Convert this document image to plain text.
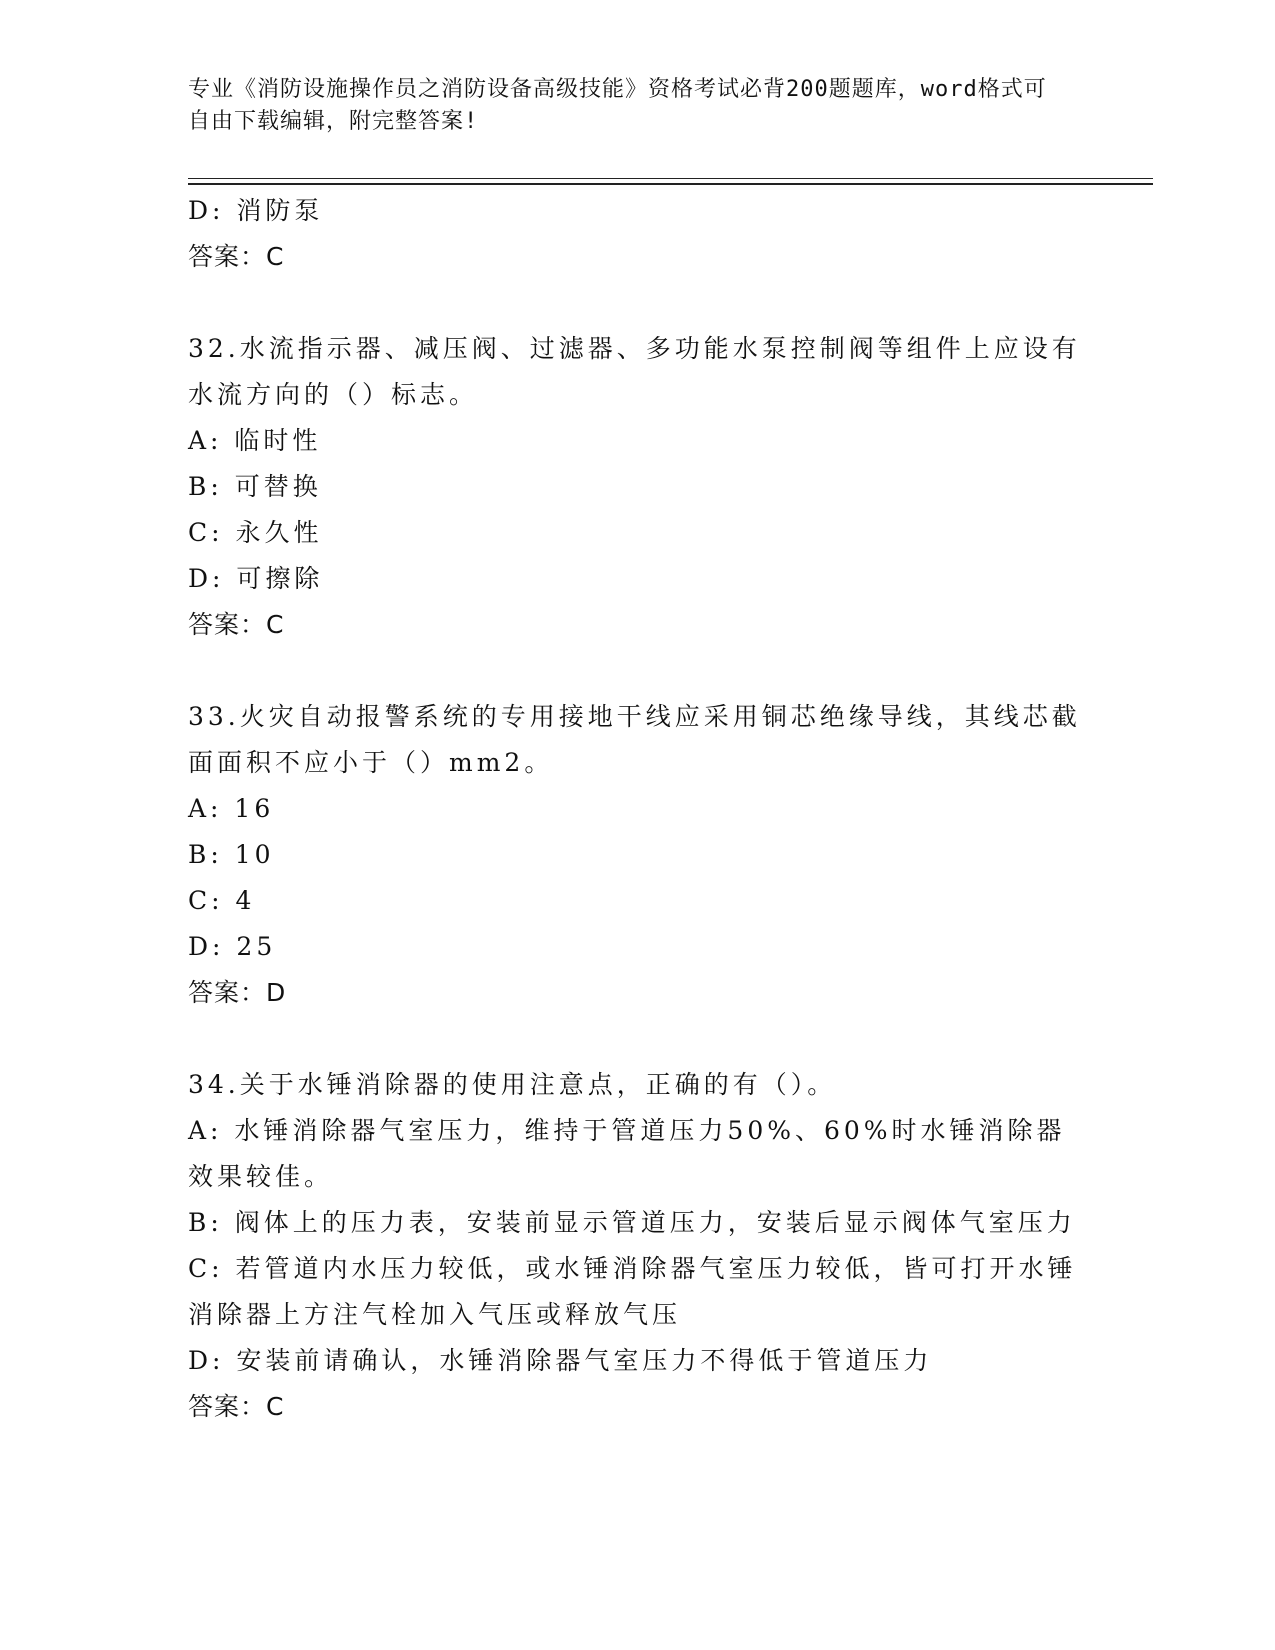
专业《消防设施操作员之消防设备高级技能》资格考试必背200题题库，word格式可自由下载编辑，附完整答案!
D: 消防泵
答案：C
32.水流指示器、减压阀、过滤器、多功能水泵控制阀等组件上应设有水流方向的（）标志。
A: 临时性
B: 可替换
C: 永久性
D: 可擦除
答案：C
33.火灾自动报警系统的专用接地干线应采用铜芯绝缘导线，其线芯截面面积不应小于（）mm2。
A: 16
B: 10
C: 4
D: 25
答案：D
34.关于水锤消除器的使用注意点，正确的有（）。
A: 水锤消除器气室压力，维持于管道压力50%、60%时水锤消除器效果较佳。
B: 阀体上的压力表，安装前显示管道压力，安装后显示阀体气室压力
C: 若管道内水压力较低，或水锤消除器气室压力较低，皆可打开水锤消除器上方注气栓加入气压或释放气压
D: 安装前请确认，水锤消除器气室压力不得低于管道压力
答案：C
